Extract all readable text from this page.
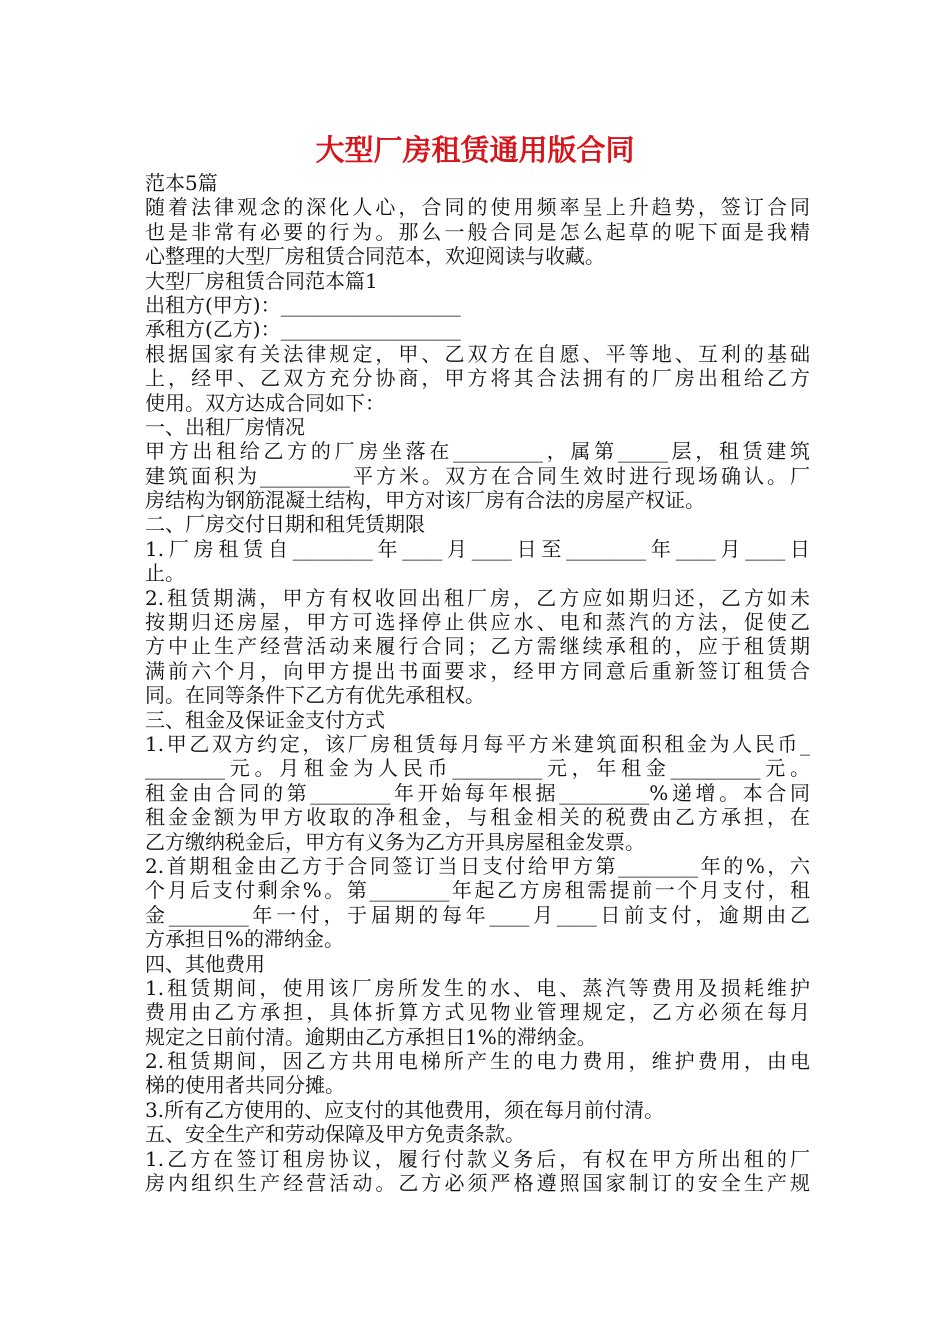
大型厂房租赁通用版合同
范本5篇
随着法律观念的深化人心，合同的使用频率呈上升趋势，签订合同
也是非常有必要的行为。那么一般合同是怎么起草的呢下面是我精
心整理的大型厂房租赁合同范本，欢迎阅读与收藏。
大型厂房租赁合同范本篇1
出租方(甲方)：__________________
承租方(乙方)：__________________
根据国家有关法律规定，甲、乙双方在自愿、平等地、互利的基础
上，经甲、乙双方充分协商，甲方将其合法拥有的厂房出租给乙方
使用。双方达成合同如下：
一、出租厂房情况
甲方出租给乙方的厂房坐落在_________，属第_____层，租赁建筑
建筑面积为_________平方米。双方在合同生效时进行现场确认。厂
房结构为钢筋混凝土结构，甲方对该厂房有合法的房屋产权证。
二、厂房交付日期和租凭赁期限
1.厂房租赁自________年____月____日至________年____月____日
止。
2.租赁期满，甲方有权收回出租厂房，乙方应如期归还，乙方如未
按期归还房屋，甲方可选择停止供应水、电和蒸汽的方法，促使乙
方中止生产经营活动来履行合同；乙方需继续承租的，应于租赁期
满前六个月，向甲方提出书面要求，经甲方同意后重新签订租赁合
同。在同等条件下乙方有优先承租权。
三、租金及保证金支付方式
1.甲乙双方约定，该厂房租赁每月每平方米建筑面积租金为人民币_
________元。月租金为人民币_________元，年租金_________元。
租金由合同的第________年开始每年根据_________%递增。本合同
租金金额为甲方收取的净租金，与租金相关的税费由乙方承担，在
乙方缴纳税金后，甲方有义务为乙方开具房屋租金发票。
2.首期租金由乙方于合同签订当日支付给甲方第________年的%，六
个月后支付剩余%。第________年起乙方房租需提前一个月支付，租
金________年一付，于届期的每年____月____日前支付，逾期由乙
方承担日%的滞纳金。
四、其他费用
1.租赁期间，使用该厂房所发生的水、电、蒸汽等费用及损耗维护
费用由乙方承担，具体折算方式见物业管理规定，乙方必须在每月
规定之日前付清。逾期由乙方承担日1%的滞纳金。
2.租赁期间，因乙方共用电梯所产生的电力费用，维护费用，由电
梯的使用者共同分摊。
3.所有乙方使用的、应支付的其他费用，须在每月前付清。
五、安全生产和劳动保障及甲方免责条款。
1.乙方在签订租房协议，履行付款义务后，有权在甲方所出租的厂
房内组织生产经营活动。乙方必须严格遵照国家制订的安全生产规
